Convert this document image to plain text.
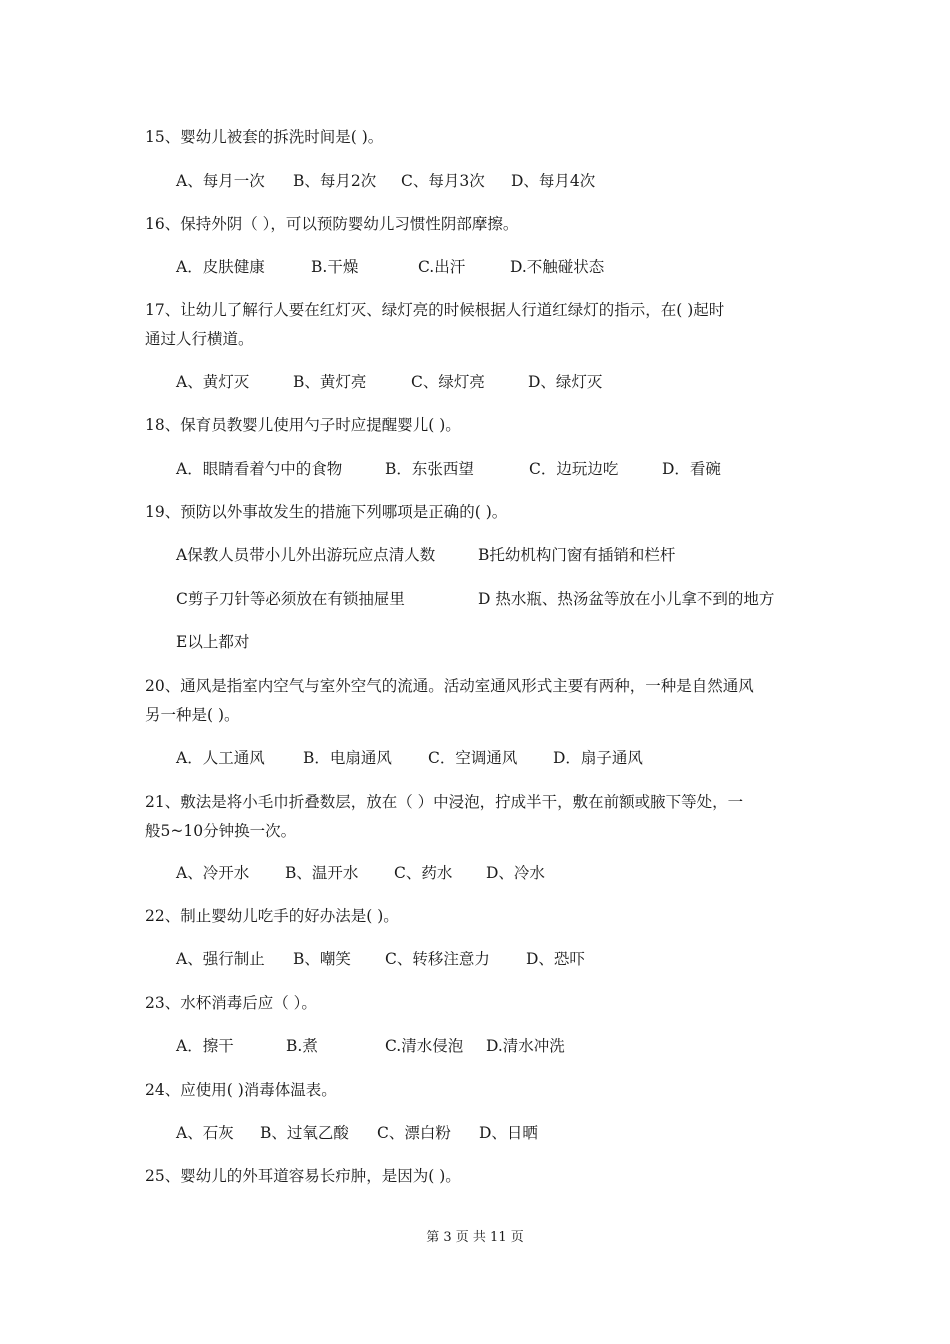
15、婴幼儿被套的拆洗时间是( )。
A、每月一次 B、每月2次 C、每月3次 D、每月4次
16、保持外阴（ ），可以预防婴幼儿习惯性阴部摩擦。
A．皮肤健康	B.干燥	C.出汗	D.不触碰状态
17、让幼儿了解行人要在红灯灭、绿灯亮的时候根据人行道红绿灯的指示，在( )起时
通过人行横道。
A、黄灯灭	B、黄灯亮	C、绿灯亮	D、绿灯灭
18、保育员教婴儿使用勺子时应提醒婴儿( )。
A．眼睛看着勺中的食物	B．东张西望	C．边玩边吃	D．看碗
19、预防以外事故发生的措施下列哪项是正确的( )。
A保教人员带小儿外出游玩应点清人数	B托幼机构门窗有插销和栏杆
C剪子刀针等必须放在有锁抽屉里	D 热水瓶、热汤盆等放在小儿拿不到的地方
E以上都对
20、通风是指室内空气与室外空气的流通。活动室通风形式主要有两种，一种是自然通风
另一种是( )。
A．人工通风 B．电扇通风 C．空调通风 D．扇子通风
21、敷法是将小毛巾折叠数层，放在（ ）中浸泡，拧成半干，敷在前额或腋下等处，一
般5~10分钟换一次。
A、冷开水 B、温开水 C、药水 D、冷水
22、制止婴幼儿吃手的好办法是( )。
A、强行制止 B、嘲笑 C、转移注意力 D、恐吓
23、水杯消毒后应（ ）。
A．擦干	B.煮	C.清水侵泡 D.清水冲洗
24、应使用( )消毒体温表。
A、石灰 B、过氧乙酸 C、漂白粉 D、日晒
25、婴幼儿的外耳道容易长疖肿，是因为( )。
第 3 页 共 11 页
